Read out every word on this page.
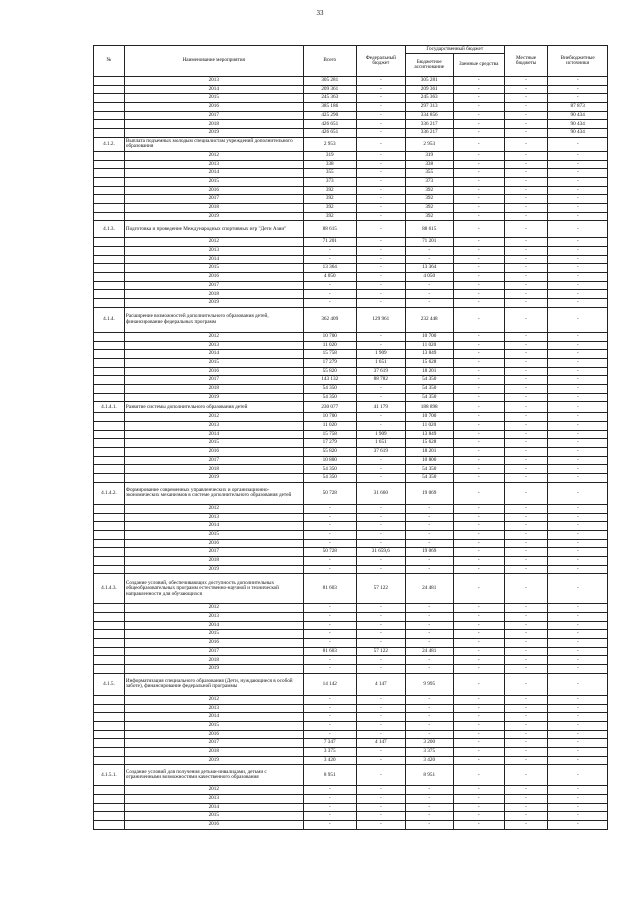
33
№	Наименование мероприятия	Всего	Федеральный бюджет	Государственный бюджет		Местные бюджеты	Внебюджетные источники
				Бюджетное ассигнование	Заемные средства		
	2013	305 281	-	305 281	-	-	-
	2014	209 361	-	209 361	-	-	-
	2015	245 363	-	245 363	-	-	-
	2016	385 186	-	297 313	-	-	87 873
	2017	425 290	-	334 856	-	-	90 434
	2018	426 651	-	336 217	-	-	90 434
	2019	426 651	-	336 217	-	-	90 434
4.1.2.	Выплата подъемных молодым специалистам учреждений дополнительного образования	2 953	-	2 953	-	-	-
	2012	319	-	319	-	-	-
	2013	338	-	338	-	-	-
	2014	355	-	355	-	-	-
	2015	373	-	373	-	-	-
	2016	392	-	392	-	-	-
	2017	392	-	392	-	-	-
	2018	392	-	392	-	-	-
	2019	392	-	392	-	-	-
4.1.3.	Подготовка и проведение Международных спортивных игр "Дети Азии"	88 615	-	88 615	-	-	-
	2012	71 201	-	71 201	-	-	-
	2013	-	-	-	-	-	-
	2014	-	-	-	-	-	-
	2015	13 364	-	13 364	-	-	-
	2016	4 050	-	4 050	-	-	-
	2017	-	-	-	-	-	-
	2018	-	-	-	-	-	-
	2019	-	-	-	-	-	-
4.1.4.	Расширение возможностей дополнительного образования детей, финансирование федеральных программ	362 409	129 961	232 448	-	-	-
	2012	10 700	-	10 700	-	-	-
	2013	11 020	-	11 020	-	-	-
	2014	15 758	1 909	13 849	-	-	-
	2015	17 279	1 651	15 628	-	-	-
	2016	55 820	37 619	18 201	-	-	-
	2017	143 132	88 782	54 350	-	-	-
	2018	54 350	-	54 350	-	-	-
	2019	54 350	-	54 350	-	-	-
4.1.4.1.	Развитие системы дополнительного образования детей	230 077	41 179	188 898	-	-	-
	2012	10 700	-	10 700	-	-	-
	2013	11 020	-	11 020	-	-	-
	2014	15 758	1 909	13 849	-	-	-
	2015	17 279	1 651	15 628	-	-	-
	2016	55 820	37 619	18 201	-	-	-
	2017	10 800	-	10 800	-	-	-
	2018	54 350	-	54 350	-	-	-
	2019	54 350	-	54 350	-	-	-
4.1.4.2.	Формирование современных управленческих и организационно-экономических механизмов в системе дополнительного образования детей	50 728	31 660	19 069	-	-	-
	2012	-	-	-	-	-	-
	2013	-	-	-	-	-	-
	2014	-	-	-	-	-	-
	2015	-	-	-	-	-	-
	2016	-	-	-	-	-	-
	2017	50 728	31 659,6	19 069	-	-	-
	2018	-	-	-	-	-	-
	2019	-	-	-	-	-	-
4.1.4.3.	Создание условий, обеспечивающих доступность дополнительных общеобразовательных программ естественно-научной и технической направленности для обучающихся	81 603	57 122	24 481	-	-	-
	2012	-	-	-	-	-	-
	2013	-	-	-	-	-	-
	2014	-	-	-	-	-	-
	2015	-	-	-	-	-	-
	2016	-	-	-	-	-	-
	2017	81 603	57 122	24 481	-	-	-
	2018	-	-	-	-	-	-
	2019	-	-	-	-	-	-
4.1.5.	Информатизация специального образования (Дети, нуждающиеся в особой заботе), финансирование федеральной программы	14 142	4 147	9 995	-	-	-
	2012	-	-	-	-	-	-
	2013	-	-	-	-	-	-
	2014	-	-	-	-	-	-
	2015	-	-	-	-	-	-
	2016	-	-	-	-	-	-
	2017	7 347	4 147	3 200	-	-	-
	2018	3 375	-	3 375	-	-	-
	2019	3 420	-	3 420	-	-	-
4.1.5.1.	Создание условий для получения детьми-инвалидами, детьми с ограниченными возможностями качественного образования	8 951	-	8 951	-	-	-
	2012	-	-	-	-	-	-
	2013	-	-	-	-	-	-
	2014	-	-	-	-	-	-
	2015	-	-	-	-	-	-
	2016	-	-	-	-	-	-
